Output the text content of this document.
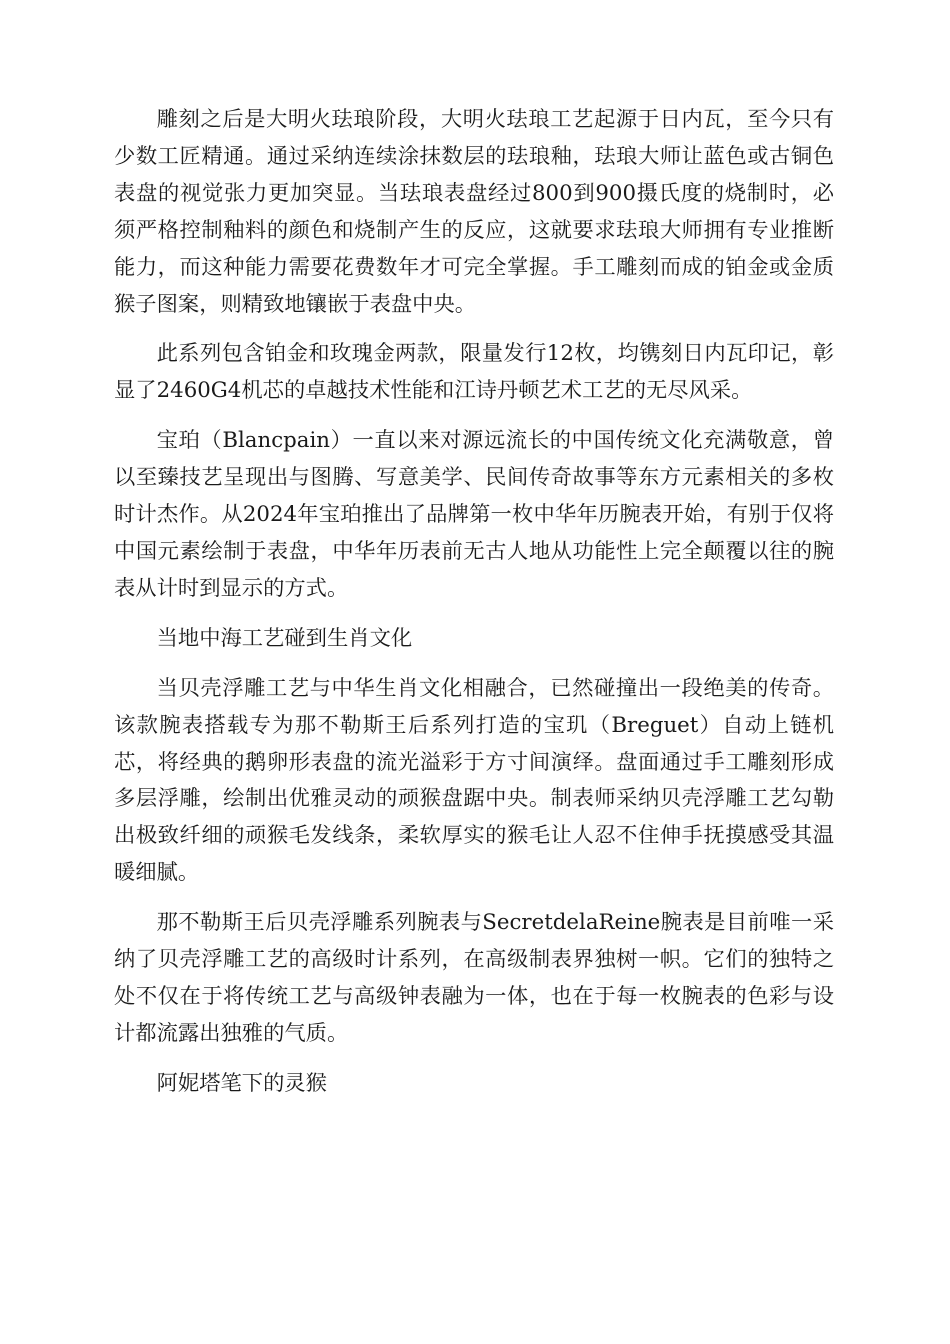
雕刻之后是大明火珐琅阶段，大明火珐琅工艺起源于日内瓦，至今只有少数工匠精通。通过采纳连续涂抹数层的珐琅釉，珐琅大师让蓝色或古铜色表盘的视觉张力更加突显。当珐琅表盘经过800到900摄氏度的烧制时，必须严格控制釉料的颜色和烧制产生的反应，这就要求珐琅大师拥有专业推断能力，而这种能力需要花费数年才可完全掌握。手工雕刻而成的铂金或金质猴子图案，则精致地镶嵌于表盘中央。

此系列包含铂金和玫瑰金两款，限量发行12枚，均镌刻日内瓦印记，彰显了2460G4机芯的卓越技术性能和江诗丹顿艺术工艺的无尽风采。

宝珀（Blancpain）一直以来对源远流长的中国传统文化充满敬意，曾以至臻技艺呈现出与图腾、写意美学、民间传奇故事等东方元素相关的多枚时计杰作。从2024年宝珀推出了品牌第一枚中华年历腕表开始，有别于仅将中国元素绘制于表盘，中华年历表前无古人地从功能性上完全颠覆以往的腕表从计时到显示的方式。

当地中海工艺碰到生肖文化

当贝壳浮雕工艺与中华生肖文化相融合，已然碰撞出一段绝美的传奇。该款腕表搭载专为那不勒斯王后系列打造的宝玑（Breguet）自动上链机芯，将经典的鹅卵形表盘的流光溢彩于方寸间演绎。盘面通过手工雕刻形成多层浮雕，绘制出优雅灵动的顽猴盘踞中央。制表师采纳贝壳浮雕工艺勾勒出极致纤细的顽猴毛发线条，柔软厚实的猴毛让人忍不住伸手抚摸感受其温暖细腻。

那不勒斯王后贝壳浮雕系列腕表与SecretdelaReine腕表是目前唯一采纳了贝壳浮雕工艺的高级时计系列，在高级制表界独树一帜。它们的独特之处不仅在于将传统工艺与高级钟表融为一体，也在于每一枚腕表的色彩与设计都流露出独雅的气质。

阿妮塔笔下的灵猴
